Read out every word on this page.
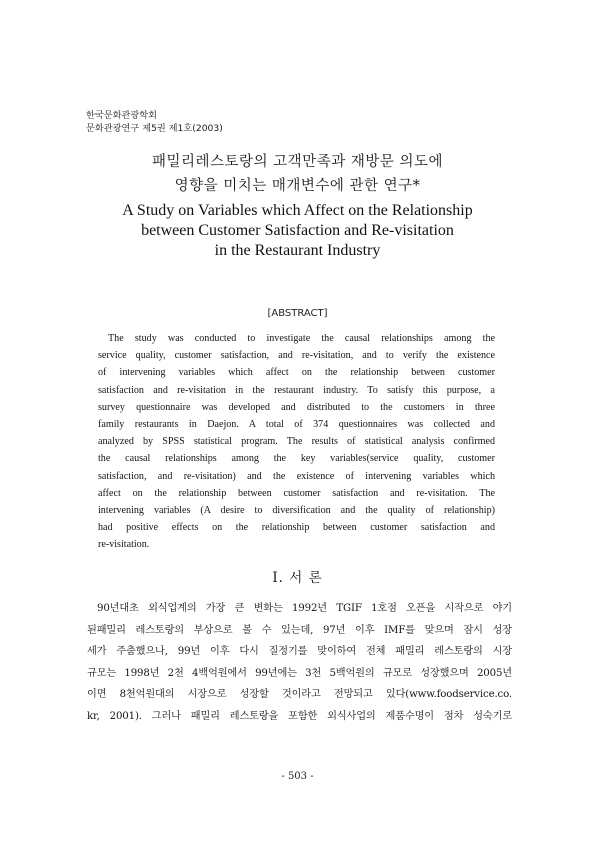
한국문화관광학회
문화관광연구 제5권 제1호(2003)
패밀리레스토랑의 고객만족과 재방문 의도에
영향을 미치는 매개변수에 관한 연구*
A Study on Variables which Affect on the Relationship
between Customer Satisfaction and Re-visitation
in the Restaurant Industry
[ABSTRACT]
The study was conducted to investigate the causal relationships among the
service quality, customer satisfaction, and re-visitation, and to verify the existence
of intervening variables which affect on the relationship between customer
satisfaction and re-visitation in the restaurant industry. To satisfy this purpose, a
survey questionnaire was developed and distributed to the customers in three
family restaurants in Daejon. A total of 374 questionnaires was collected and
analyzed by SPSS statistical program. The results of statistical analysis confirmed
the causal relationships among the key variables(service quality, customer
satisfaction, and re-visitation) and the existence of intervening variables which
affect on the relationship between customer satisfaction and re-visitation. The
intervening variables (A desire to diversification and the quality of relationship)
had positive effects on the relationship between customer satisfaction and
re-visitation.
I. 서 론
90년대초 외식업계의 가장 큰 변화는 1992년 TGIF 1호점 오픈을 시작으로 야기
된패밀리 레스토랑의 부상으로 볼 수 있는데, 97년 이후 IMF를 맞으며 잠시 성장
세가 주춤했으나, 99년 이후 다시 질정기를 맞이하여 전체 패밀리 레스토랑의 시장
규모는 1998년 2천 4백억원에서 99년에는 3천 5백억원의 규모로 성장했으며 2005년
이면 8천억원대의 시장으로 성장할 것이라고 전망되고 있다(www.foodservice.co.
kr, 2001). 그러나 패밀리 레스토랑을 포함한 외식사업의 제품수명이 점차 성숙기로
- 503 -
